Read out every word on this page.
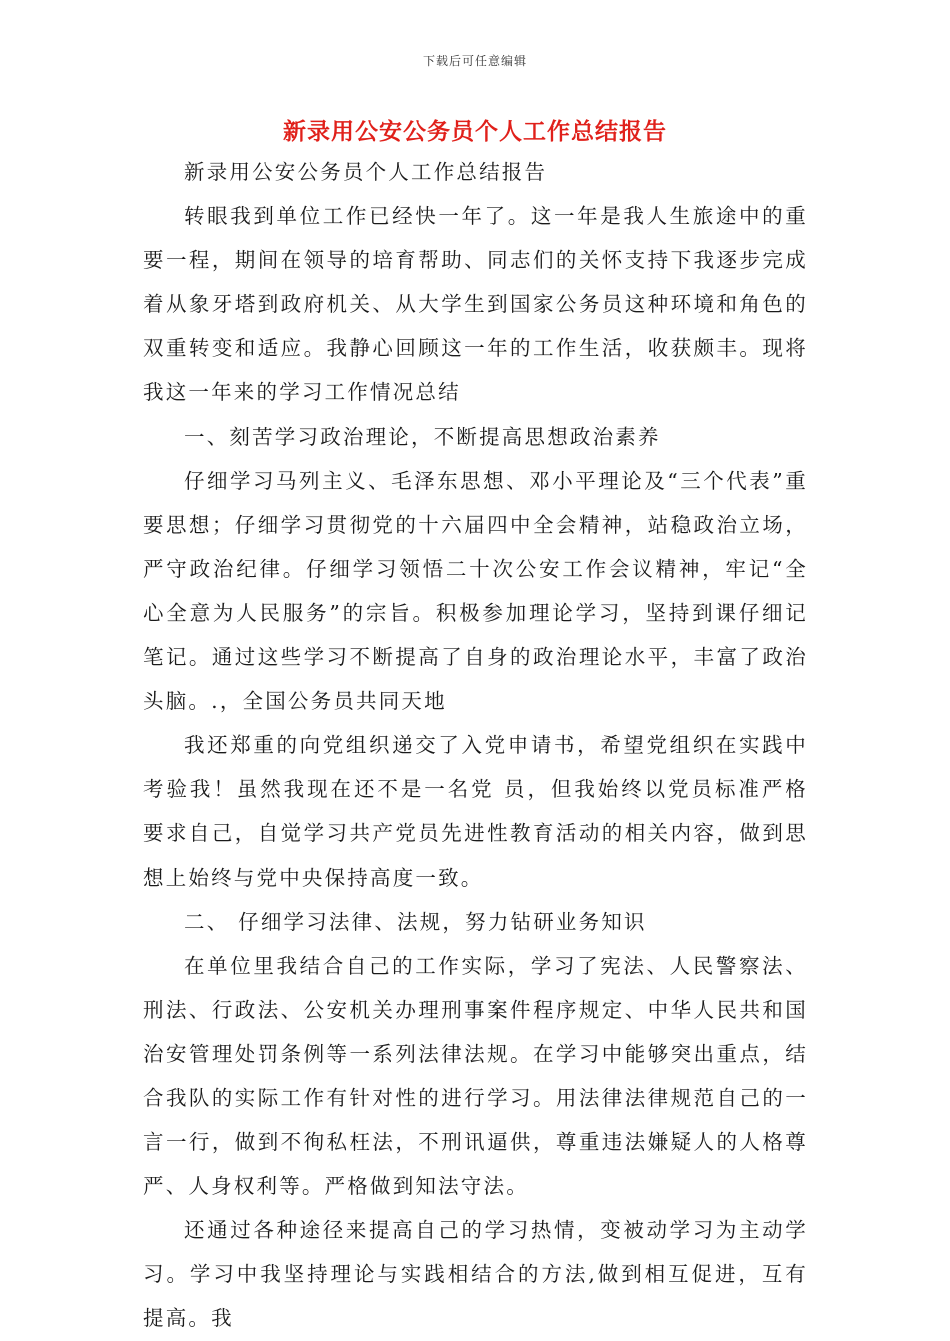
下载后可任意编辑
新录用公安公务员个人工作总结报告

新录用公安公务员个人工作总结报告

转眼我到单位工作已经快一年了。这一年是我人生旅途中的重要一程，期间在领导的培育帮助、同志们的关怀支持下我逐步完成着从象牙塔到政府机关、从大学生到国家公务员这种环境和角色的双重转变和适应。我静心回顾这一年的工作生活，收获颇丰。现将我这一年来的学习工作情况总结

一、刻苦学习政治理论，不断提高思想政治素养

仔细学习马列主义、毛泽东思想、邓小平理论及“三个代表”重要思想；仔细学习贯彻党的十六届四中全会精神，站稳政治立场，严守政治纪律。仔细学习领悟二十次公安工作会议精神，牢记“全心全意为人民服务”的宗旨。积极参加理论学习，坚持到课仔细记笔记。通过这些学习不断提高了自身的政治理论水平，丰富了政治头脑。.，全国公务员共同天地

我还郑重的向党组织递交了入党申请书，希望党组织在实践中考验我！虽然我现在还不是一名党 员，但我始终以党员标准严格要求自己，自觉学习共产党员先进性教育活动的相关内容，做到思想上始终与党中央保持高度一致。

二、 仔细学习法律、法规，努力钻研业务知识

在单位里我结合自己的工作实际，学习了宪法、人民警察法、刑法、行政法、公安机关办理刑事案件程序规定、中华人民共和国治安管理处罚条例等一系列法律法规。在学习中能够突出重点，结合我队的实际工作有针对性的进行学习。用法律法律规范自己的一言一行，做到不徇私枉法，不刑讯逼供，尊重违法嫌疑人的人格尊严、人身权利等。严格做到知法守法。

还通过各种途径来提高自己的学习热情，变被动学习为主动学习。学习中我坚持理论与实践相结合的方法,做到相互促进，互有提高。我
